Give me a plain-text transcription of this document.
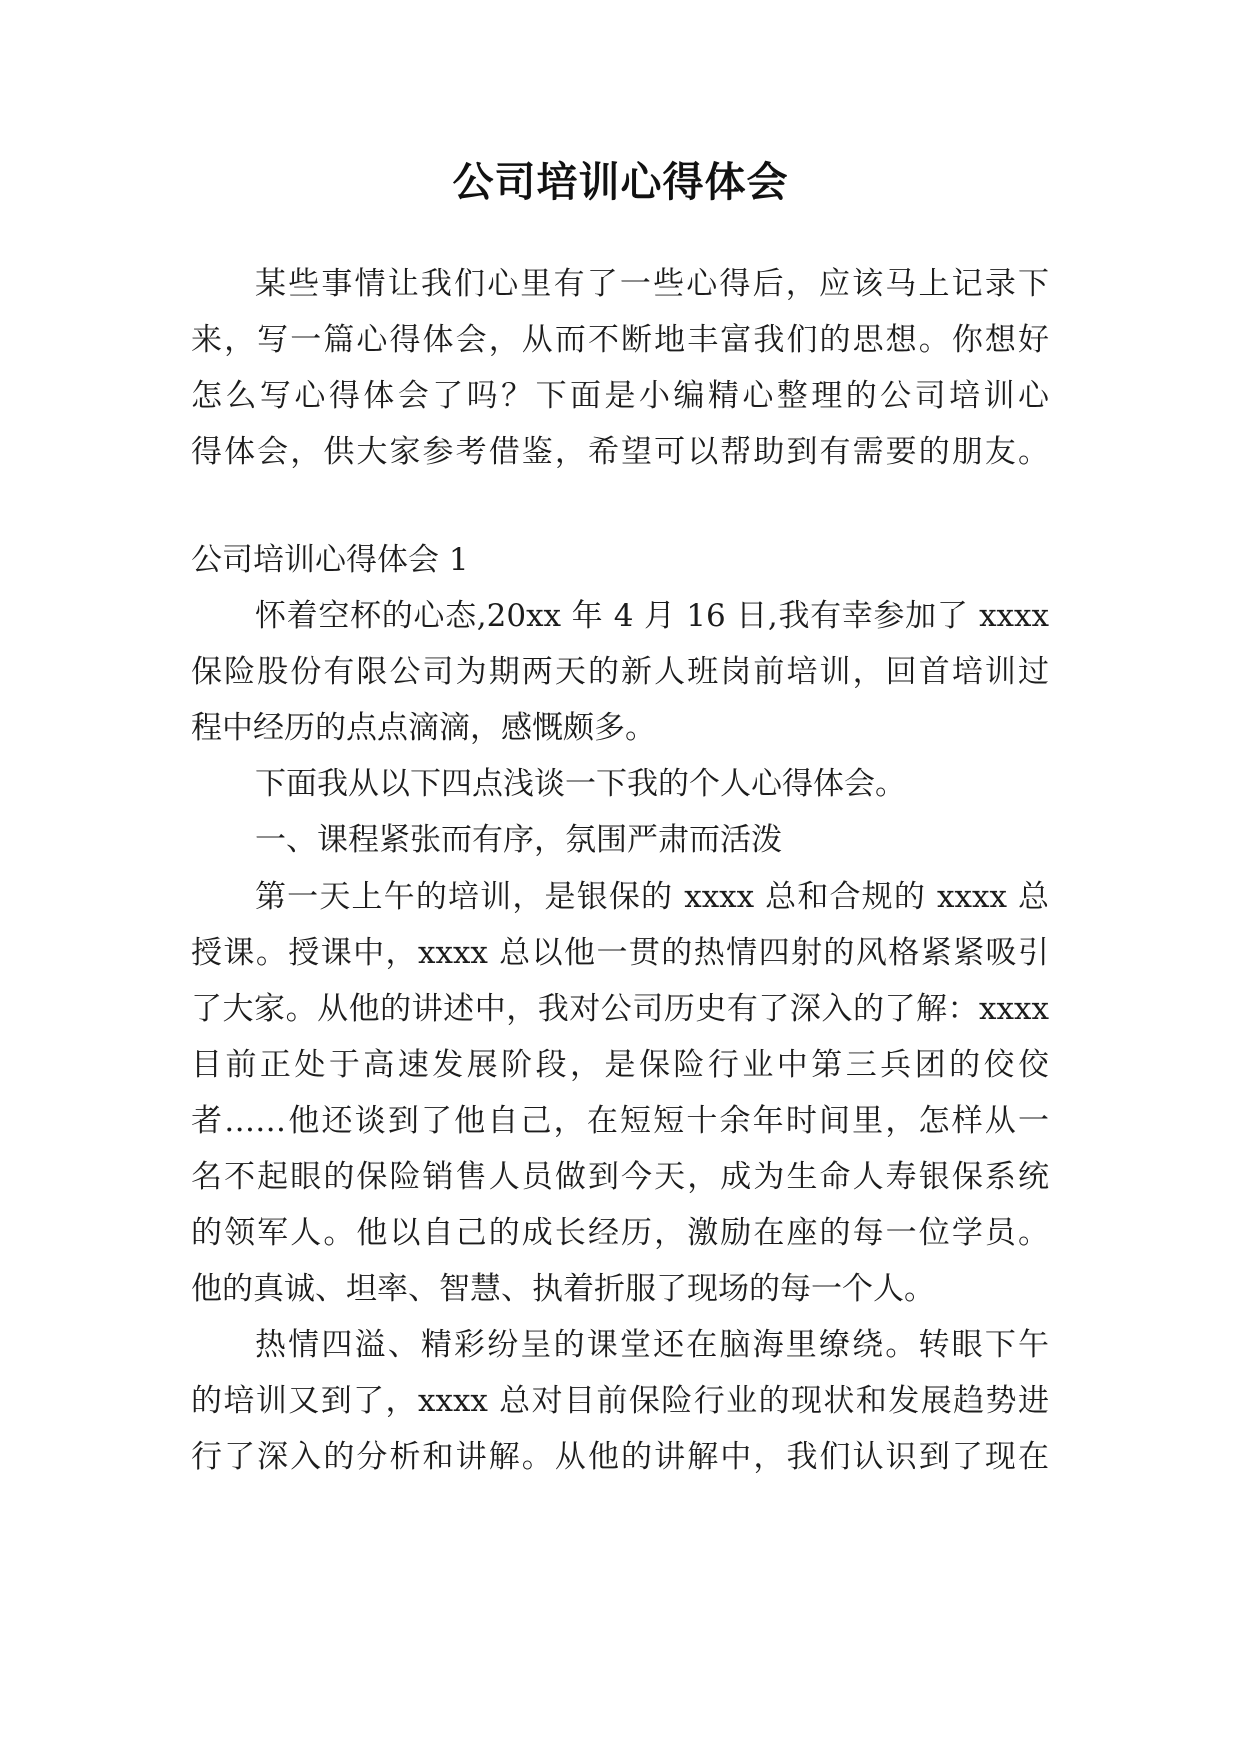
公司培训心得体会
某些事情让我们心里有了一些心得后，应该马上记录下
来，写一篇心得体会，从而不断地丰富我们的思想。你想好
怎么写心得体会了吗？下面是小编精心整理的公司培训心
得体会，供大家参考借鉴，希望可以帮助到有需要的朋友。
公司培训心得体会 1
怀着空杯的心态,20xx 年 4 月 16 日,我有幸参加了 xxxx
保险股份有限公司为期两天的新人班岗前培训，回首培训过
程中经历的点点滴滴，感慨颇多。
下面我从以下四点浅谈一下我的个人心得体会。
一、课程紧张而有序，氛围严肃而活泼
第一天上午的培训，是银保的 xxxx 总和合规的 xxxx 总
授课。授课中，xxxx 总以他一贯的热情四射的风格紧紧吸引
了大家。从他的讲述中，我对公司历史有了深入的了解：xxxx
目前正处于高速发展阶段，是保险行业中第三兵团的佼佼
者……他还谈到了他自己，在短短十余年时间里，怎样从一
名不起眼的保险销售人员做到今天，成为生命人寿银保系统
的领军人。他以自己的成长经历，激励在座的每一位学员。
他的真诚、坦率、智慧、执着折服了现场的每一个人。
热情四溢、精彩纷呈的课堂还在脑海里缭绕。转眼下午
的培训又到了，xxxx 总对目前保险行业的现状和发展趋势进
行了深入的分析和讲解。从他的讲解中，我们认识到了现在
